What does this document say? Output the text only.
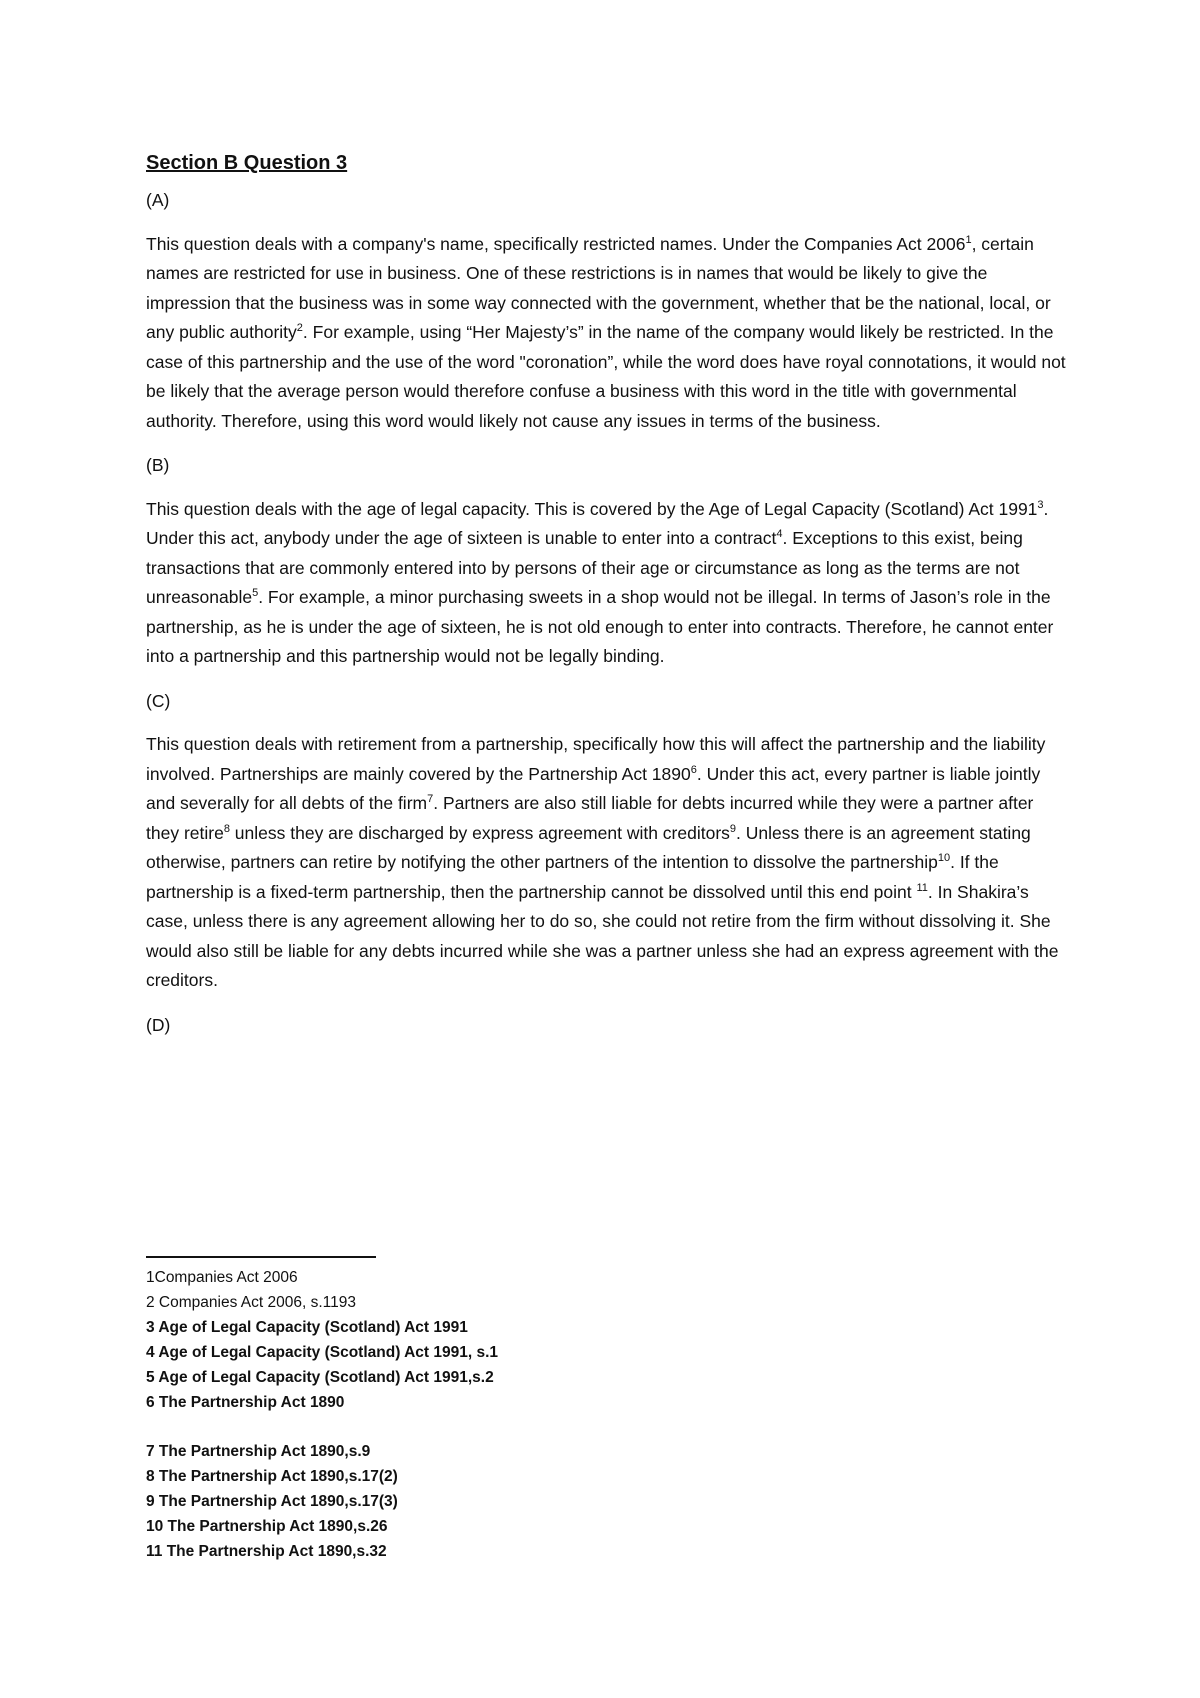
Section B Question 3
(A)

This question deals with a company's name, specifically restricted names. Under the Companies Act 2006$^1$, certain names are restricted for use in business. One of these restrictions is in names that would be likely to give the impression that the business was in some way connected with the government, whether that be the national, local, or any public authority$^2$. For example, using “Her Majesty’s” in the name of the company would likely be restricted. In the case of this partnership and the use of the word "coronation”, while the word does have royal connotations, it would not be likely that the average person would therefore confuse a business with this word in the title with governmental authority. Therefore, using this word would likely not cause any issues in terms of the business.

(B)

This question deals with the age of legal capacity. This is covered by the Age of Legal Capacity (Scotland) Act 1991$^3$. Under this act, anybody under the age of sixteen is unable to enter into a contract$^4$. Exceptions to this exist, being transactions that are commonly entered into by persons of their age or circumstance as long as the terms are not unreasonable$^5$. For example, a minor purchasing sweets in a shop would not be illegal. In terms of Jason’s role in the partnership, as he is under the age of sixteen, he is not old enough to enter into contracts. Therefore, he cannot enter into a partnership and this partnership would not be legally binding.

(C)

This question deals with retirement from a partnership, specifically how this will affect the partnership and the liability involved. Partnerships are mainly covered by the Partnership Act 1890$^6$. Under this act, every partner is liable jointly and severally for all debts of the firm$^7$. Partners are also still liable for debts incurred while they were a partner after they retire$^8$ unless they are discharged by express agreement with creditors$^9$. Unless there is an agreement stating otherwise, partners can retire by notifying the other partners of the intention to dissolve the partnership$^{10}$. If the partnership is a fixed-term partnership, then the partnership cannot be dissolved until this end point $^{11}$. In Shakira’s case, unless there is any agreement allowing her to do so, she could not retire from the firm without dissolving it. She would also still be liable for any debts incurred while she was a partner unless she had an express agreement with the creditors.

(D)
1Companies Act 2006
2 Companies Act 2006, s.1193
3 Age of Legal Capacity (Scotland) Act 1991
4 Age of Legal Capacity (Scotland) Act 1991, s.1
5 Age of Legal Capacity (Scotland) Act 1991,s.2
6 The Partnership Act 1890
7 The Partnership Act 1890,s.9
8 The Partnership Act 1890,s.17(2)
9 The Partnership Act 1890,s.17(3)
10 The Partnership Act 1890,s.26
11 The Partnership Act 1890,s.32
